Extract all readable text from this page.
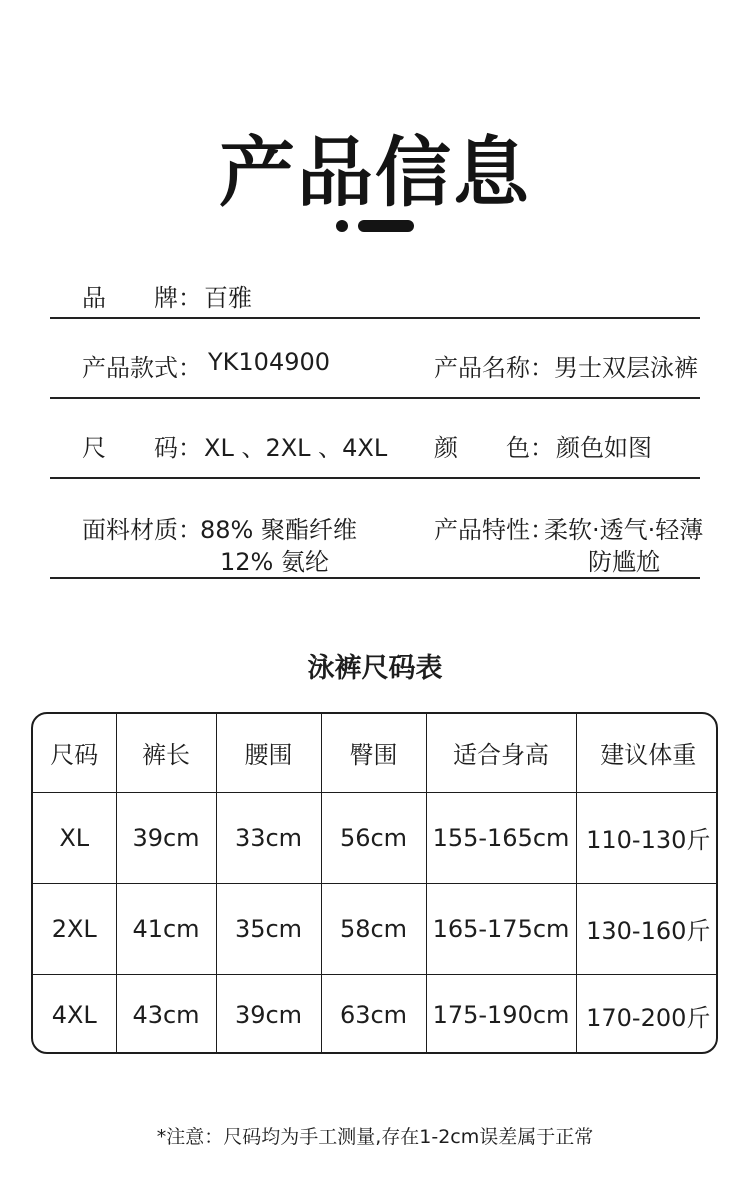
产品信息
品　　牌： 百雅
产品款式： YK104900	产品名称： 男士双层泳裤
尺　　码： XL 、2XL 、4XL 颜　　色： 颜色如图
面料材质：
88% 聚酯纤维
12% 氨纶
产品特性：
柔软·透气·轻薄
防尴尬
泳裤尺码表
尺码	裤长	腰围	臀围	适合身高	建议体重
XL	39cm	33cm	56cm	155-165cm	110-130斤
2XL	41cm	35cm	58cm	165-175cm	130-160斤
4XL	43cm	39cm	63cm	175-190cm	170-200斤
*注意：尺码均为手工测量,存在1-2cm误差属于正常
